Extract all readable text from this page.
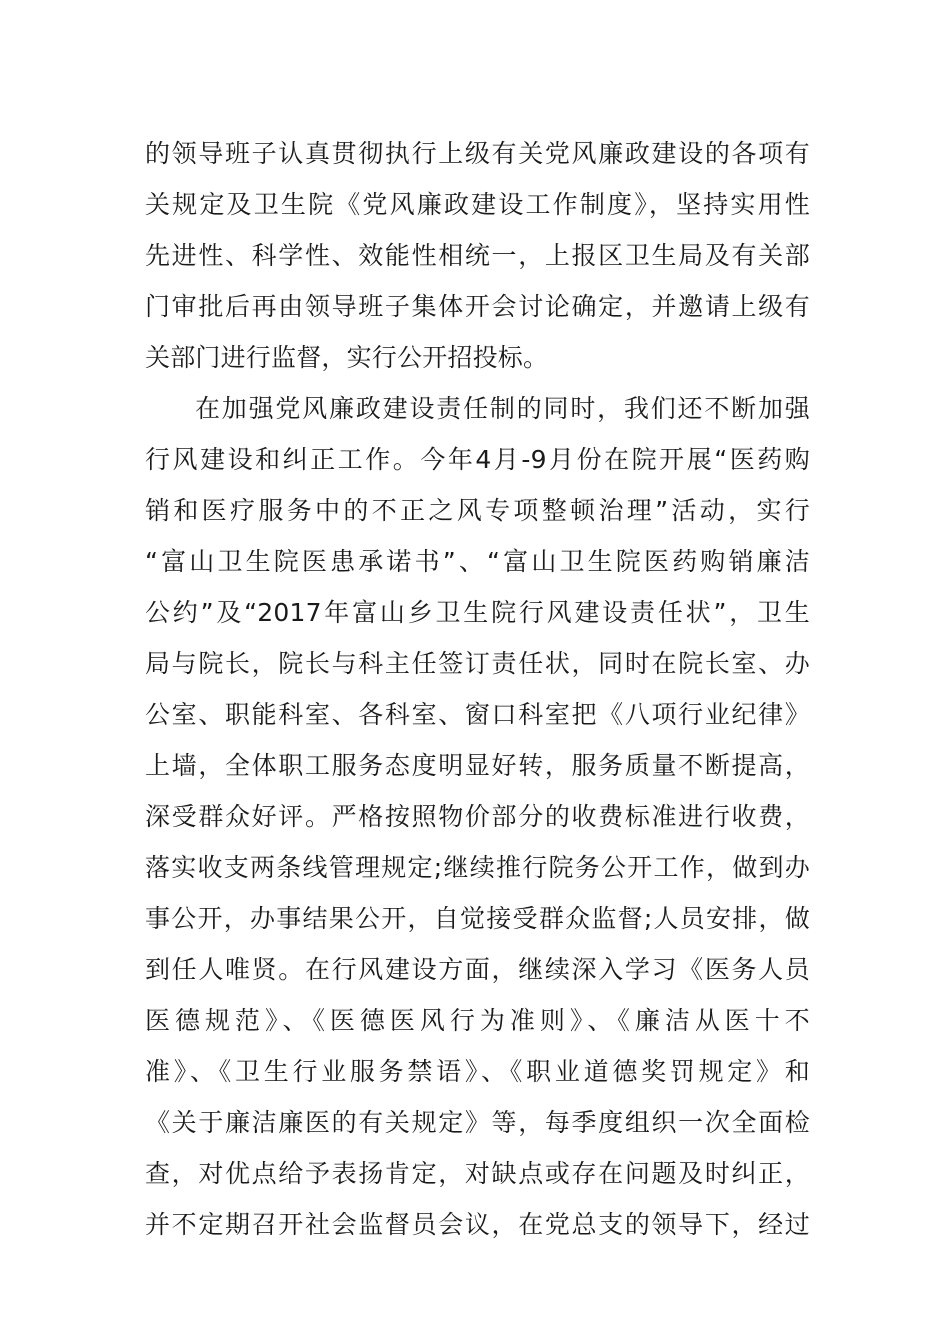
的领导班子认真贯彻执行上级有关党风廉政建设的各项有
关规定及卫生院《党风廉政建设工作制度》，坚持实用性
先进性、科学性、效能性相统一，上报区卫生局及有关部
门审批后再由领导班子集体开会讨论确定，并邀请上级有
关部门进行监督，实行公开招投标。
在加强党风廉政建设责任制的同时，我们还不断加强
行风建设和纠正工作。今年4月-9月份在院开展“医药购
销和医疗服务中的不正之风专项整顿治理”活动，实行
“富山卫生院医患承诺书”、“富山卫生院医药购销廉洁
公约”及“2017年富山乡卫生院行风建设责任状”，卫生
局与院长，院长与科主任签订责任状，同时在院长室、办
公室、职能科室、各科室、窗口科室把《八项行业纪律》
上墙，全体职工服务态度明显好转，服务质量不断提高，
深受群众好评。严格按照物价部分的收费标准进行收费，
落实收支两条线管理规定;继续推行院务公开工作，做到办
事公开，办事结果公开，自觉接受群众监督;人员安排，做
到任人唯贤。在行风建设方面，继续深入学习《医务人员
医德规范》、《医德医风行为准则》、《廉洁从医十不
准》、《卫生行业服务禁语》、《职业道德奖罚规定》和
《关于廉洁廉医的有关规定》等，每季度组织一次全面检
查，对优点给予表扬肯定，对缺点或存在问题及时纠正，
并不定期召开社会监督员会议，在党总支的领导下，经过
